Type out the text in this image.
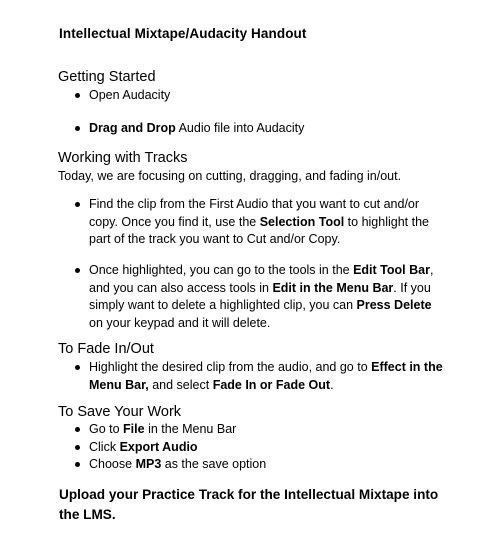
Intellectual Mixtape/Audacity Handout
Getting Started
Open Audacity
Drag and Drop Audio file into Audacity
Working with Tracks
Today, we are focusing on cutting, dragging, and fading in/out.
Find the clip from the First Audio that you want to cut and/or copy. Once you find it, use the Selection Tool to highlight the part of the track you want to Cut and/or Copy.
Once highlighted, you can go to the tools in the Edit Tool Bar, and you can also access tools in Edit in the Menu Bar. If you simply want to delete a highlighted clip, you can Press Delete on your keypad and it will delete.
To Fade In/Out
Highlight the desired clip from the audio, and go to Effect in the Menu Bar, and select Fade In or Fade Out.
To Save Your Work
Go to File in the Menu Bar
Click Export Audio
Choose MP3 as the save option
Upload your Practice Track for the Intellectual Mixtape into the LMS.
